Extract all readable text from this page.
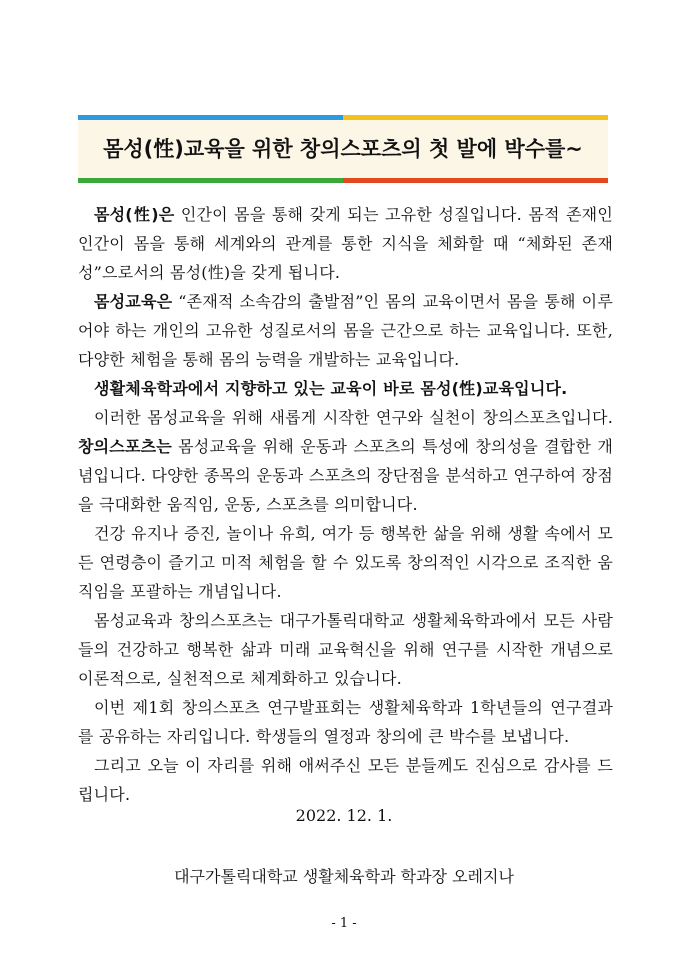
몸성(性)교육을 위한 창의스포츠의 첫 발에 박수를~

몸성(性)은 인간이 몸을 통해 갖게 되는 고유한 성질입니다. 몸적 존재인 인간이 몸을 통해 세계와의 관계를 통한 지식을 체화할 때 “체화된 존재성”으로서의 몸성(性)을 갖게 됩니다.

몸성교육은 “존재적 소속감의 출발점”인 몸의 교육이면서 몸을 통해 이루어야 하는 개인의 고유한 성질로서의 몸을 근간으로 하는 교육입니다. 또한, 다양한 체험을 통해 몸의 능력을 개발하는 교육입니다.

생활체육학과에서 지향하고 있는 교육이 바로 몸성(性)교육입니다.

이러한 몸성교육을 위해 새롭게 시작한 연구와 실천이 창의스포츠입니다. 창의스포츠는 몸성교육을 위해 운동과 스포츠의 특성에 창의성을 결합한 개념입니다. 다양한 종목의 운동과 스포츠의 장단점을 분석하고 연구하여 장점을 극대화한 움직임, 운동, 스포츠를 의미합니다.

건강 유지나 증진, 놀이나 유희, 여가 등 행복한 삶을 위해 생활 속에서 모든 연령층이 즐기고 미적 체험을 할 수 있도록 창의적인 시각으로 조직한 움직임을 포괄하는 개념입니다.

몸성교육과 창의스포츠는 대구가톨릭대학교 생활체육학과에서 모든 사람들의 건강하고 행복한 삶과 미래 교육혁신을 위해 연구를 시작한 개념으로 이론적으로, 실천적으로 체계화하고 있습니다.

이번 제1회 창의스포츠 연구발표회는 생활체육학과 1학년들의 연구결과를 공유하는 자리입니다. 학생들의 열정과 창의에 큰 박수를 보냅니다.

그리고 오늘 이 자리를 위해 애써주신 모든 분들께도 진심으로 감사를 드립니다.

2022. 12. 1.
대구가톨릭대학교 생활체육학과 학과장 오레지나
- 1 -
